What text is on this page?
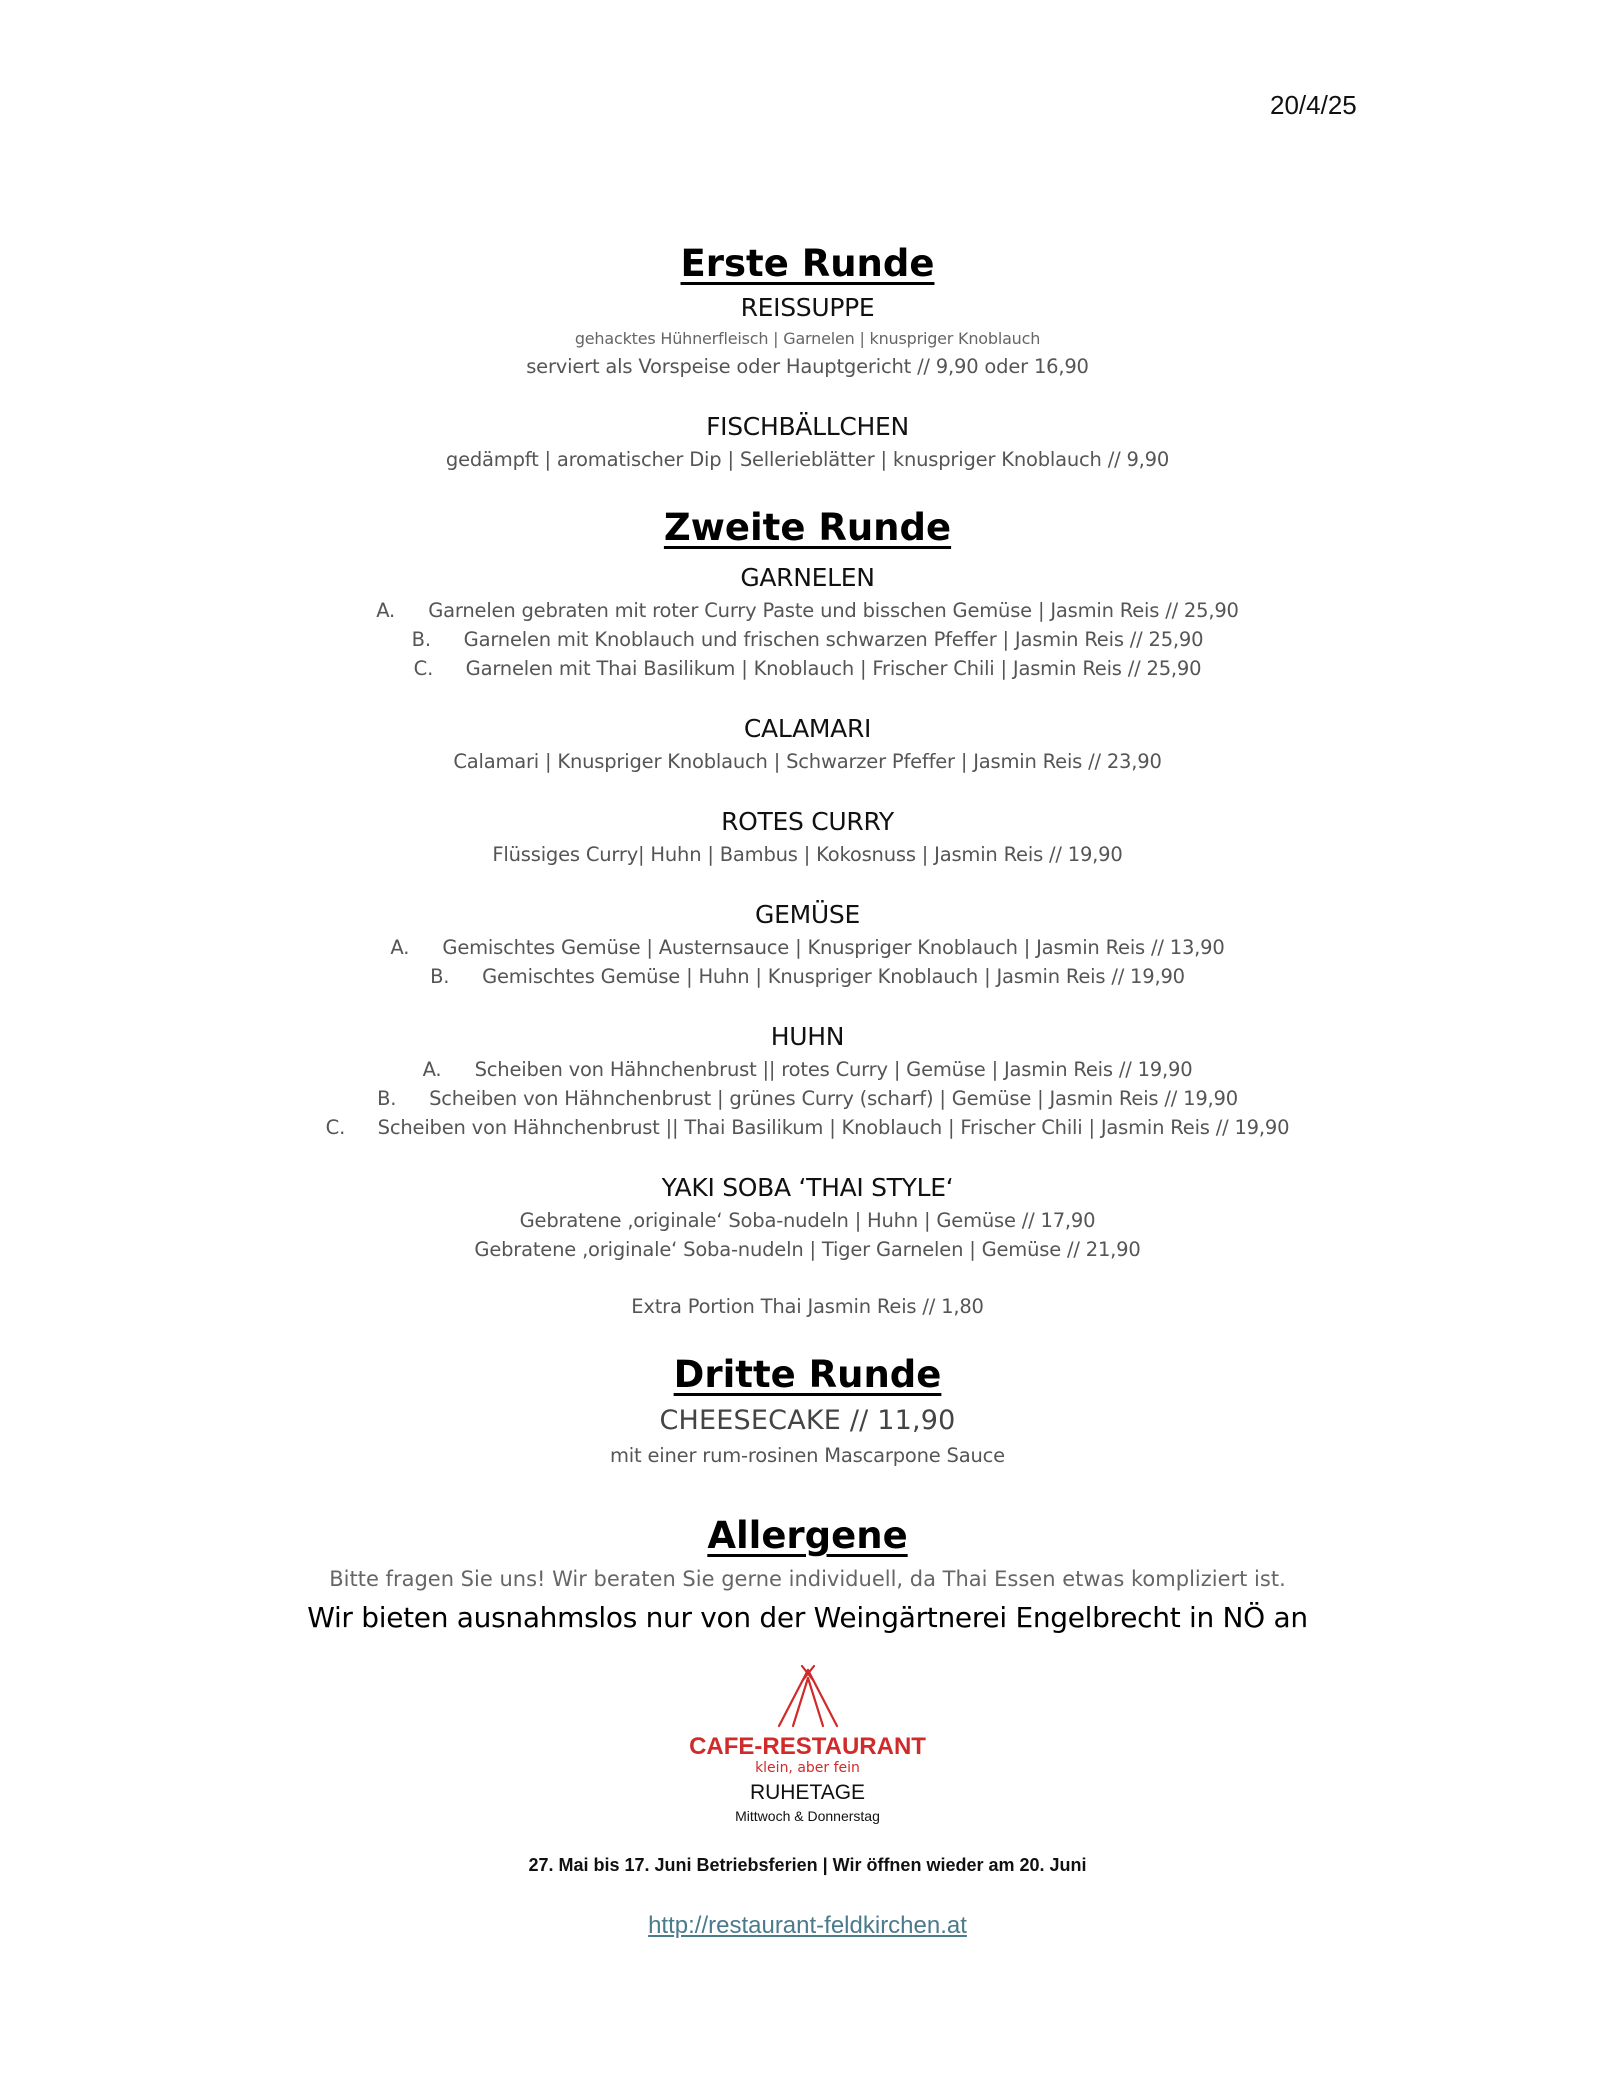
20/4/25
Erste Runde

REISSUPPE

gehacktes Hühnerfleisch | Garnelen | knuspriger Knoblauch

serviert als Vorspeise oder Hauptgericht // 9,90 oder 16,90

FISCHBÄLLCHEN

gedämpft | aromatischer Dip | Sellerieblätter | knuspriger Knoblauch // 9,90

Zweite Runde

GARNELEN

A. Garnelen gebraten mit roter Curry Paste und bisschen Gemüse | Jasmin Reis // 25,90
B. Garnelen mit Knoblauch und frischen schwarzen Pfeffer | Jasmin Reis // 25,90
C. Garnelen mit Thai Basilikum | Knoblauch | Frischer Chili | Jasmin Reis // 25,90

CALAMARI

Calamari | Knuspriger Knoblauch | Schwarzer Pfeffer | Jasmin Reis // 23,90

ROTES CURRY

Flüssiges Curry| Huhn | Bambus | Kokosnuss | Jasmin Reis // 19,90

GEMÜSE

A. Gemischtes Gemüse | Austernsauce | Knuspriger Knoblauch | Jasmin Reis // 13,90
B. Gemischtes Gemüse | Huhn | Knuspriger Knoblauch | Jasmin Reis // 19,90

HUHN

A. Scheiben von Hähnchenbrust || rotes Curry | Gemüse | Jasmin Reis // 19,90
B. Scheiben von Hähnchenbrust | grünes Curry (scharf) | Gemüse | Jasmin Reis // 19,90
C. Scheiben von Hähnchenbrust || Thai Basilikum | Knoblauch | Frischer Chili | Jasmin Reis // 19,90

YAKI SOBA ‘THAI STYLE‘

Gebratene ‚originale‘ Soba-nudeln | Huhn | Gemüse // 17,90

Gebratene ‚originale‘ Soba-nudeln | Tiger Garnelen | Gemüse // 21,90

Extra Portion Thai Jasmin Reis // 1,80

Dritte Runde

CHEESECAKE // 11,90

mit einer rum-rosinen Mascarpone Sauce

Allergene

Bitte fragen Sie uns! Wir beraten Sie gerne individuell, da Thai Essen etwas kompliziert ist.

Wir bieten ausnahmslos nur von der Weingärtnerei Engelbrecht in NÖ an

CAFE-RESTAURANT

klein, aber fein

RUHETAGE

Mittwoch & Donnerstag

27. Mai bis 17. Juni Betriebsferien | Wir öffnen wieder am 20. Juni

http://restaurant-feldkirchen.at
